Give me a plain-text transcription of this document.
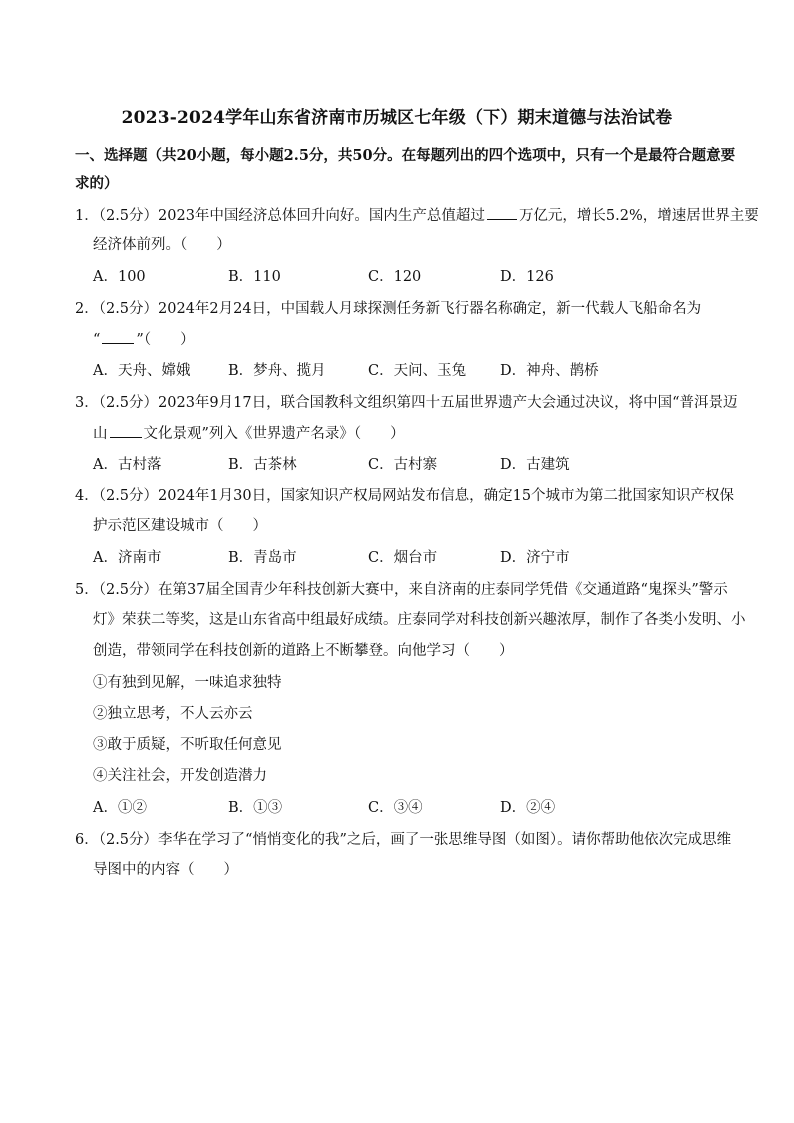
2023-2024学年山东省济南市历城区七年级（下）期末道德与法治试卷
一、选择题（共20小题，每小题2.5分，共50分。在每题列出的四个选项中，只有一个是最符合题意要
求的）
1．（2.5分）2023年中国经济总体回升向好。国内生产总值超过 万亿元，增长5.2%，增速居世界主要
经济体前列。（　　）
A．100	B．110	C．120	D．126
2．（2.5分）2024年2月24日，中国载人月球探测任务新飞行器名称确定，新一代载人飞船命名为
“ ”（　　）
A．天舟、嫦娥	B．梦舟、揽月	C．天问、玉兔 D．神舟、鹊桥
3．（2.5分）2023年9月17日，联合国教科文组织第四十五届世界遗产大会通过决议，将中国“普洱景迈
山 文化景观”列入《世界遗产名录》（　　）
A．古村落	B．古茶林	C．古村寨	D．古建筑
4．（2.5分）2024年1月30日，国家知识产权局网站发布信息，确定15个城市为第二批国家知识产权保
护示范区建设城市（　　）
A．济南市	B．青岛市	C．烟台市	D．济宁市
5．（2.5分）在第37届全国青少年科技创新大赛中，来自济南的庄泰同学凭借《交通道路“鬼探头”警示
灯》荣获二等奖，这是山东省高中组最好成绩。庄泰同学对科技创新兴趣浓厚，制作了各类小发明、小
创造，带领同学在科技创新的道路上不断攀登。向他学习（　　）
①有独到见解，一味追求独特
②独立思考，不人云亦云
③敢于质疑，不听取任何意见
④关注社会，开发创造潜力
A．①②	B．①③	C．③④	D．②④
6．（2.5分）李华在学习了“悄悄变化的我”之后，画了一张思维导图（如图）。请你帮助他依次完成思维
导图中的内容（　　）
